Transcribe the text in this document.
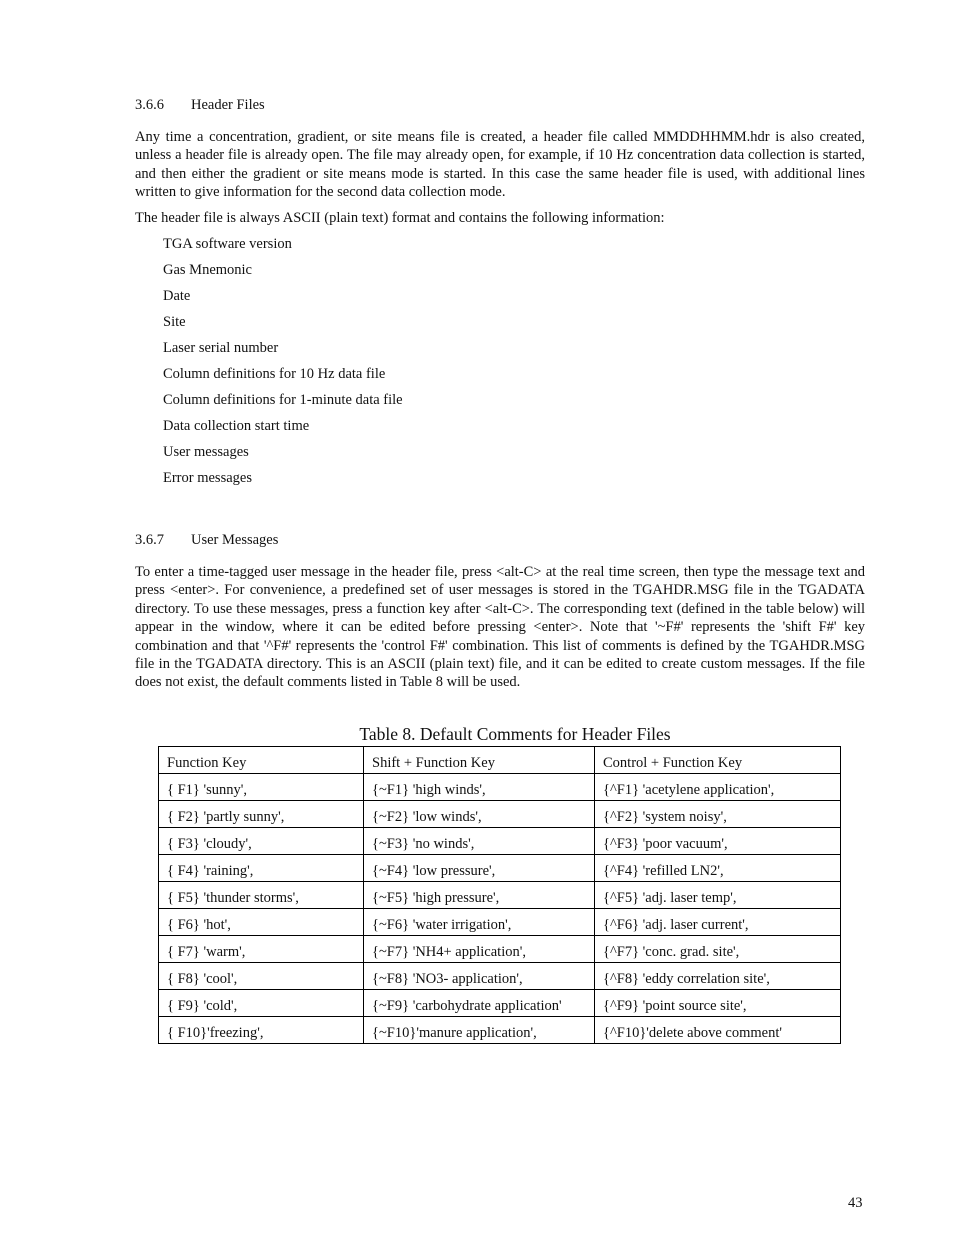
3.6.6 Header Files

Any time a concentration, gradient, or site means file is created, a header file called MMDDHHMM.hdr is also created, unless a header file is already open. The file may already open, for example, if 10 Hz concentration data collection is started, and then either the gradient or site means mode is started. In this case the same header file is used, with additional lines written to give information for the second data collection mode.

The header file is always ASCII (plain text) format and contains the following information:

TGA software version
Gas Mnemonic
Date
Site
Laser serial number
Column definitions for 10 Hz data file
Column definitions for 1-minute data file
Data collection start time
User messages
Error messages
3.6.7 User Messages

To enter a time-tagged user message in the header file, press <alt-C> at the real time screen, then type the message text and press <enter>. For convenience, a predefined set of user messages is stored in the TGAHDR.MSG file in the TGADATA directory. To use these messages, press a function key after <alt-C>. The corresponding text (defined in the table below) will appear in the window, where it can be edited before pressing <enter>. Note that '~F#' represents the 'shift F#' key combination and that '^F#' represents the 'control F#' combination. This list of comments is defined by the TGAHDR.MSG file in the TGADATA directory. This is an ASCII (plain text) file, and it can be edited to create custom messages. If the file does not exist, the default comments listed in Table 8 will be used.

Table 8. Default Comments for Header Files
Function Key	Shift + Function Key	Control + Function Key
{ F1} 'sunny',	{~F1} 'high winds',	{^F1} 'acetylene application',
{ F2} 'partly sunny',	{~F2} 'low winds',	{^F2} 'system noisy',
{ F3} 'cloudy',	{~F3} 'no winds',	{^F3} 'poor vacuum',
{ F4} 'raining',	{~F4} 'low pressure',	{^F4} 'refilled LN2',
{ F5} 'thunder storms',	{~F5} 'high pressure',	{^F5} 'adj. laser temp',
{ F6} 'hot',	{~F6} 'water irrigation',	{^F6} 'adj. laser current',
{ F7} 'warm',	{~F7} 'NH4+ application',	{^F7} 'conc. grad. site',
{ F8} 'cool',	{~F8} 'NO3- application',	{^F8} 'eddy correlation site',
{ F9} 'cold',	{~F9} 'carbohydrate application'	{^F9} 'point source site',
{ F10}'freezing',	{~F10}'manure application',	{^F10}'delete above comment'
43
